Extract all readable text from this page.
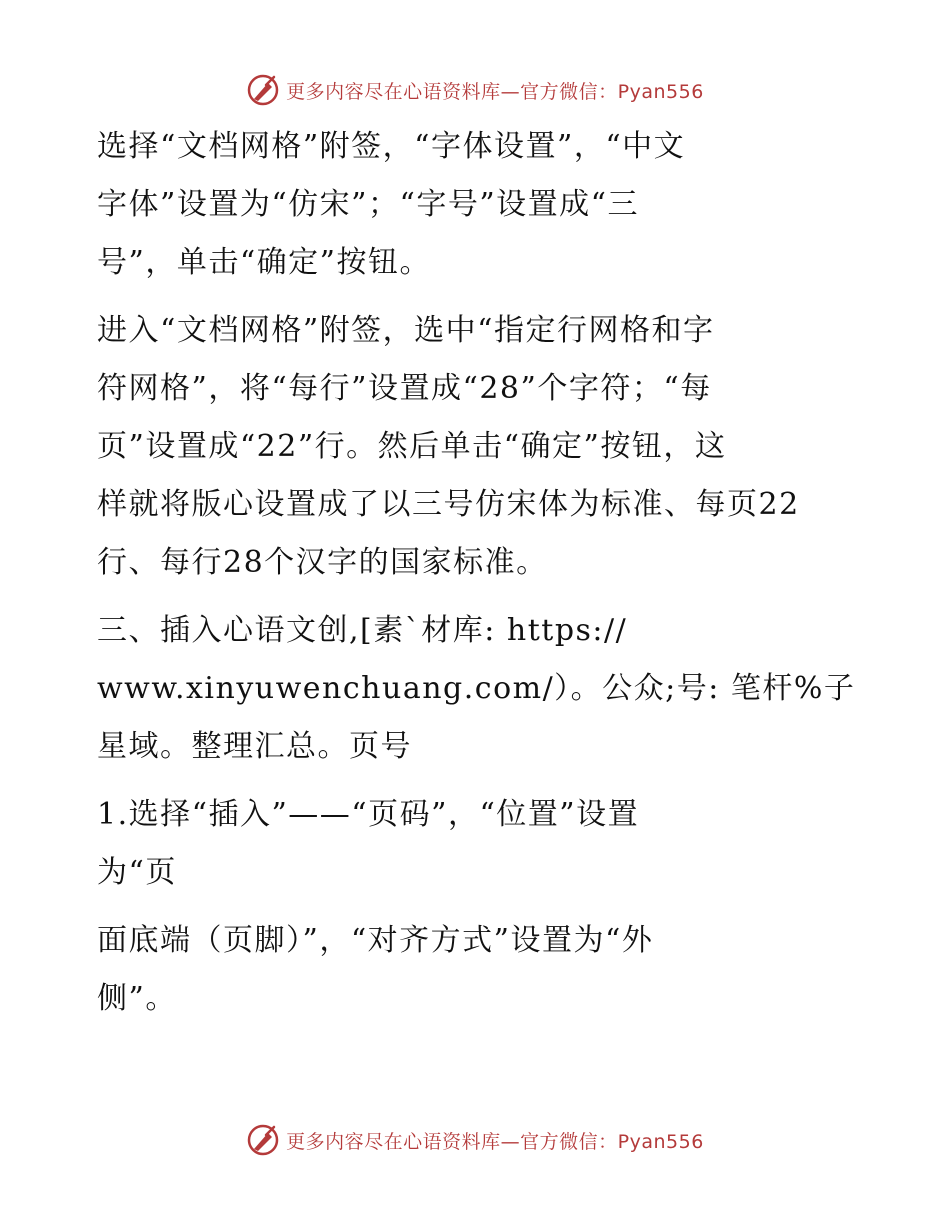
更多内容尽在心语资料库—官方微信：Pyan556
选择“文档网格”附签，“字体设置”，“中文
字体”设置为“仿宋”；“字号”设置成“三
号”，单击“确定”按钮。
进入“文档网格”附签，选中“指定行网格和字
符网格”，将“每行”设置成“28”个字符；“每
页”设置成“22”行。然后单击“确定”按钮，这
样就将版心设置成了以三号仿宋体为标准、每页22
行、每行28个汉字的国家标准。
三、插入心语文创,[素`材库: https://
www.xinyuwenchuang.com/）。公众;号: 笔杆%子
星域。整理汇总。页号
1.选择“插入”——“页码”，“位置”设置
为“页
面底端（页脚）”，“对齐方式”设置为“外
侧”。
更多内容尽在心语资料库—官方微信：Pyan556
